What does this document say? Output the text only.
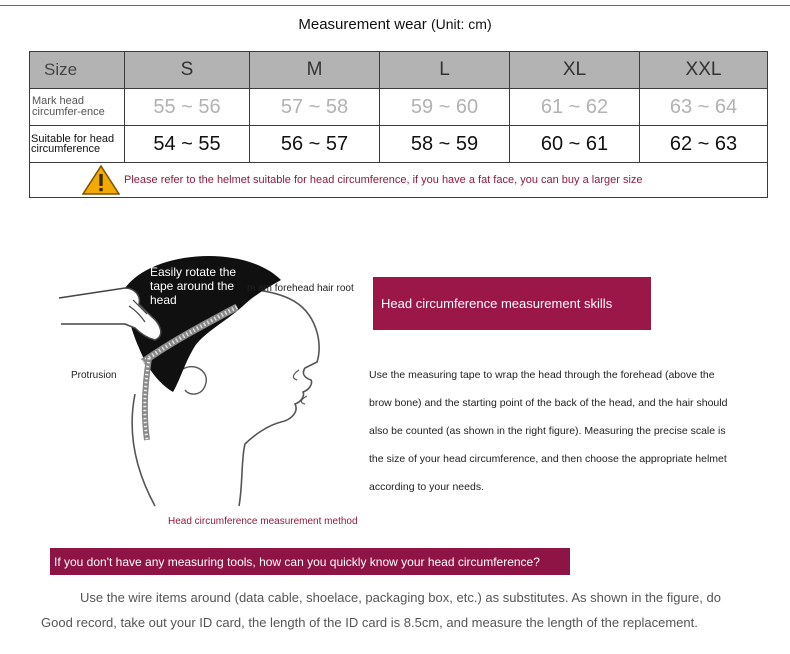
Measurement wear (Unit: cm)
Size	S	M	L	XL	XXL
Mark head circumfer-ence	55 ~ 56	57 ~ 58	59 ~ 60	61 ~ 62	63 ~ 64
Suitable for head circumference	54 ~ 55	56 ~ 57	58 ~ 59	60 ~ 61	62 ~ 63

Please refer to the helmet suitable for head circumference, if you have a fat face, you can buy a larger size					
Easily rotate the tape around the head
m am forehead hair root
Protrusion
Head circumference measurement method
Head circumference measurement skills
Use the measuring tape to wrap the head through the forehead (above the brow bone) and the starting point of the back of the head, and the hair should also be counted (as shown in the right figure). Measuring the precise scale is the size of your head circumference, and then choose the appropriate helmet according to your needs.
If you don't have any measuring tools, how can you quickly know your head circumference?
Use the wire items around (data cable, shoelace, packaging box, etc.) as substitutes. As shown in the figure, do
Good record, take out your ID card, the length of the ID card is 8.5cm, and measure the length of the replacement.
